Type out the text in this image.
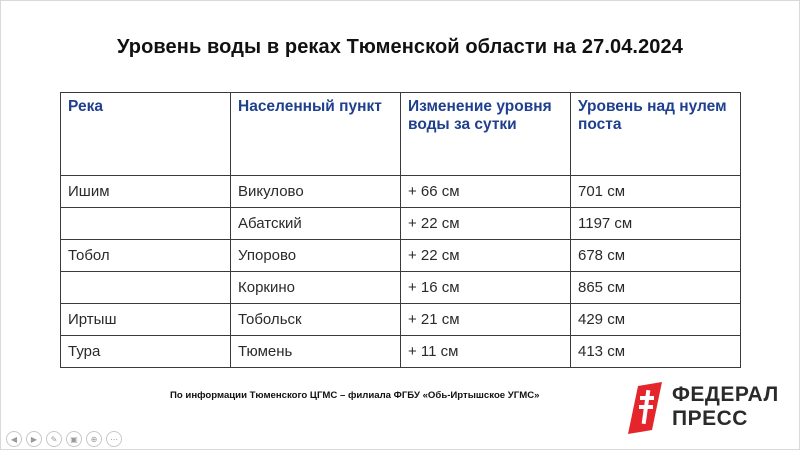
Уровень воды в реках Тюменской области на 27.04.2024
Река	Населенный пункт	Изменение уровня воды за сутки	Уровень над нулем поста
Ишим	Викулово	+ 66 см	701 см
	Абатский	+ 22 см	1197 см
Тобол	Упорово	+ 22 см	678 см
	Коркино	+ 16 см	865 см
Иртыш	Тобольск	+ 21 см	429 см
Тура	Тюмень	+ 11 см	413 см
По информации Тюменского ЦГМС – филиала ФГБУ «Обь-Иртышское УГМС»	ФЕДЕРАЛ
ПРЕСС
◀	▶	✎	▣	⊕	⋯
